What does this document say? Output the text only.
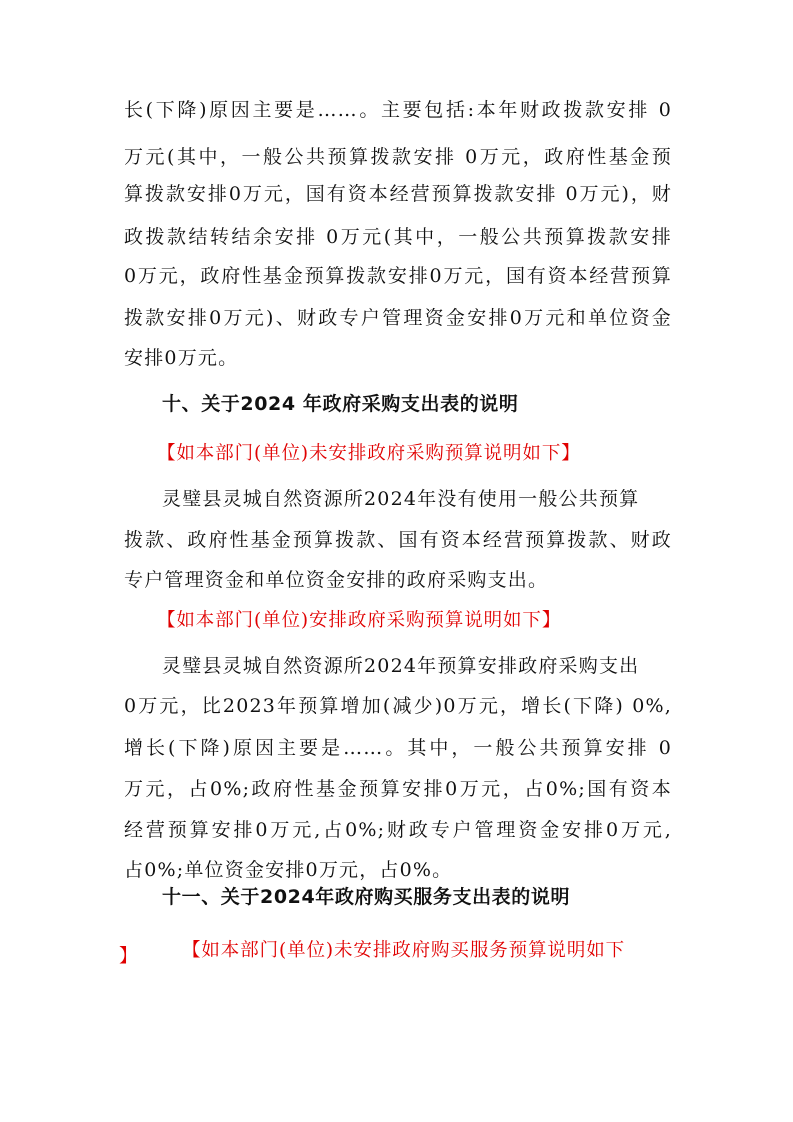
长(下降)原因主要是……。主要包括:本年财政拨款安排 0
万元(其中，一般公共预算拨款安排 0万元，政府性基金预
算拨款安排0万元，国有资本经营预算拨款安排 0万元)，财
政拨款结转结余安排 0万元(其中，一般公共预算拨款安排
0万元，政府性基金预算拨款安排0万元，国有资本经营预算
拨款安排0万元)、财政专户管理资金安排0万元和单位资金
安排0万元。
十、关于2024 年政府采购支出表的说明
【如本部门(单位)未安排政府采购预算说明如下】
灵璧县灵城自然资源所2024年没有使用一般公共预算
拨款、政府性基金预算拨款、国有资本经营预算拨款、财政
专户管理资金和单位资金安排的政府采购支出。
【如本部门(单位)安排政府采购预算说明如下】
灵璧县灵城自然资源所2024年预算安排政府采购支出
0万元，比2023年预算增加(减少)0万元，增长(下降) 0%,
增长(下降)原因主要是……。其中，一般公共预算安排 0
万元，占0%;政府性基金预算安排0万元，占0%;国有资本
经营预算安排0万元,占0%;财政专户管理资金安排0万元,
占0%;单位资金安排0万元，占0%。
十一、关于2024年政府购买服务支出表的说明
【如本部门(单位)未安排政府购买服务预算说明如下
】
